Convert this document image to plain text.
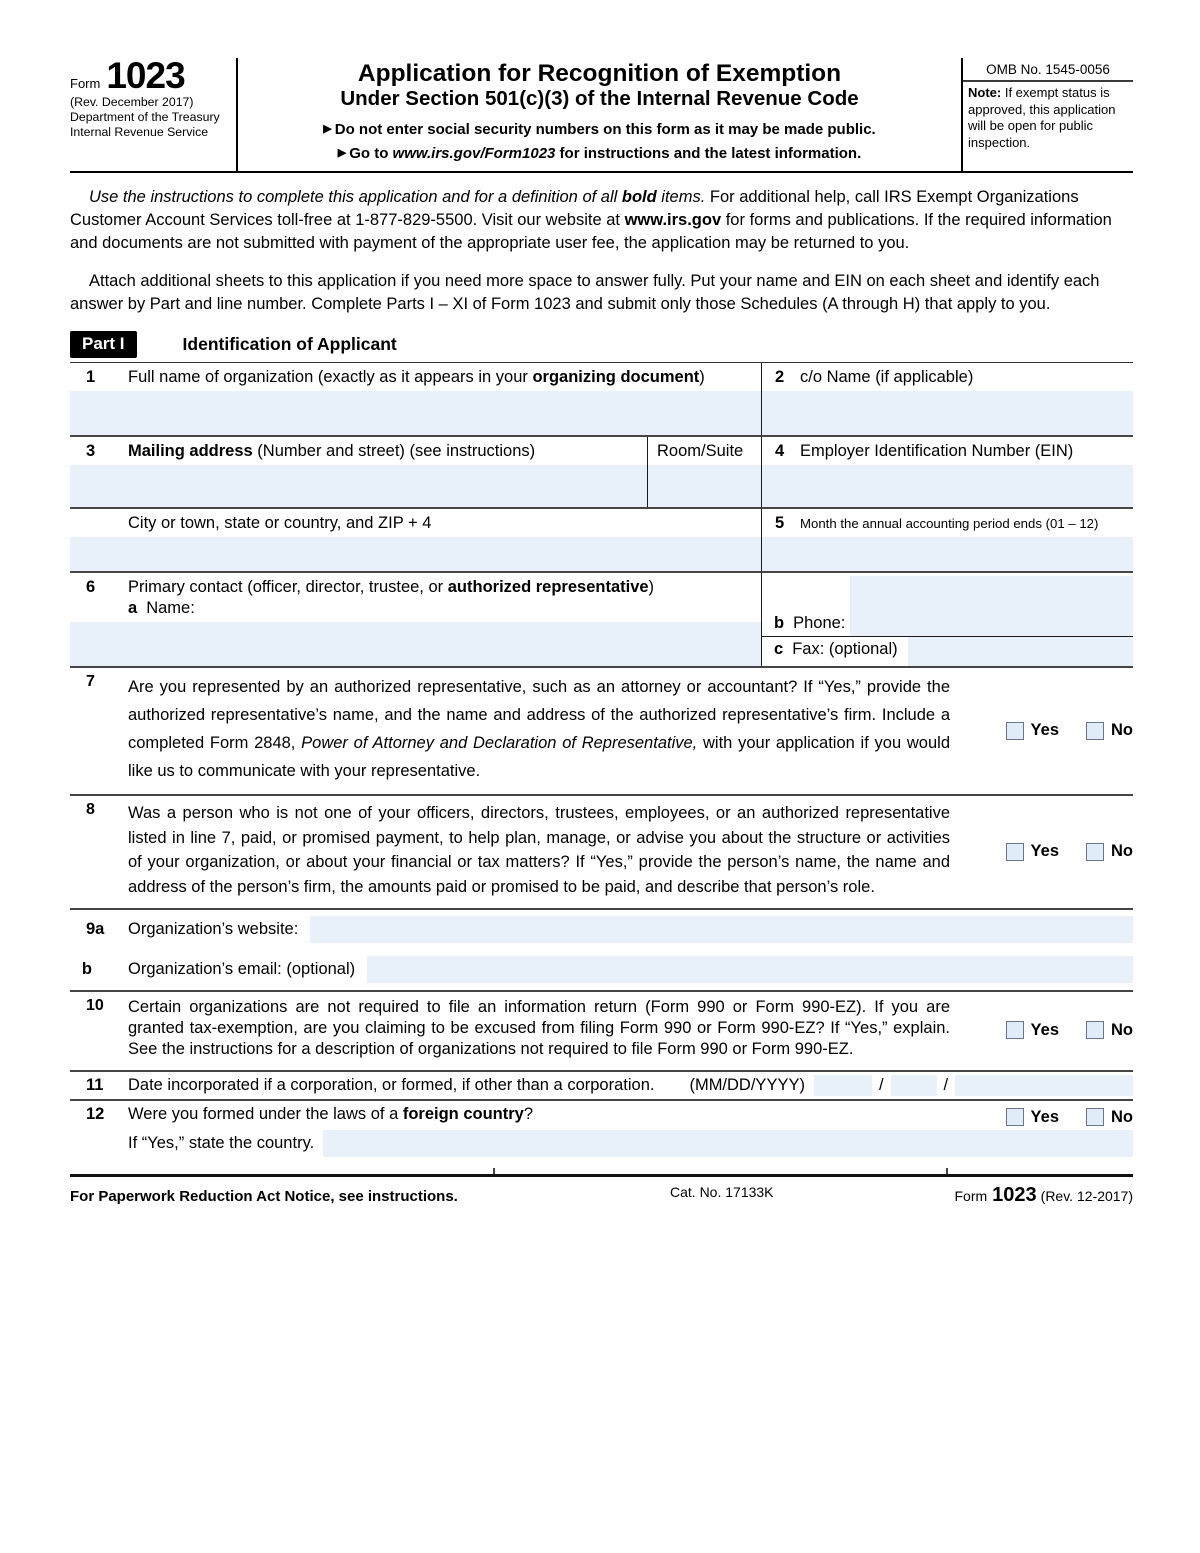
Form 1023
(Rev. December 2017)
Department of the Treasury
Internal Revenue Service
Application for Recognition of Exemption
Under Section 501(c)(3) of the Internal Revenue Code
▶ Do not enter social security numbers on this form as it may be made public.
▶ Go to www.irs.gov/Form1023 for instructions and the latest information.
OMB No. 1545-0056
Note: If exempt status is approved, this application will be open for public inspection.
Use the instructions to complete this application and for a definition of all bold items. For additional help, call IRS Exempt Organizations Customer Account Services toll-free at 1-877-829-5500. Visit our website at www.irs.gov for forms and publications. If the required information and documents are not submitted with payment of the appropriate user fee, the application may be returned to you.
Attach additional sheets to this application if you need more space to answer fully. Put your name and EIN on each sheet and identify each answer by Part and line number. Complete Parts I – XI of Form 1023 and submit only those Schedules (A through H) that apply to you.
Part I	Identification of Applicant
1	Full name of organization (exactly as it appears in your organizing document)	2 c/o Name (if applicable)
3	Mailing address (Number and street) (see instructions)	Room/Suite	4 Employer Identification Number (EIN)
City or town, state or country, and ZIP + 4	5	Month the annual accounting period ends (01 – 12)
6	Primary contact (officer, director, trustee, or authorized representative)
a Name:
b Phone:
c Fax: (optional)
7	Are you represented by an authorized representative, such as an attorney or accountant? If “Yes,” provide the authorized representative’s name, and the name and address of the authorized representative’s firm. Include a completed Form 2848, Power of Attorney and Declaration of Representative, with your application if you would like us to communicate with your representative.
Yes	No
8	Was a person who is not one of your officers, directors, trustees, employees, or an authorized representative listed in line 7, paid, or promised payment, to help plan, manage, or advise you about the structure or activities of your organization, or about your financial or tax matters? If “Yes,” provide the person’s name, the name and address of the person’s firm, the amounts paid or promised to be paid, and describe that person’s role.
Yes	No
9a	Organization’s website:
b	Organization’s email: (optional)
10	Certain organizations are not required to file an information return (Form 990 or Form 990-EZ). If you are granted tax-exemption, are you claiming to be excused from filing Form 990 or Form 990-EZ? If “Yes,” explain. See the instructions for a description of organizations not required to file Form 990 or Form 990-EZ.
Yes	No
11	Date incorporated if a corporation, or formed, if other than a corporation. (MM/DD/YYYY)	/	/
12	Were you formed under the laws of a foreign country?	Yes	No
If “Yes,” state the country.
For Paperwork Reduction Act Notice, see instructions.	Cat. No. 17133K	Form 1023 (Rev. 12-2017)
